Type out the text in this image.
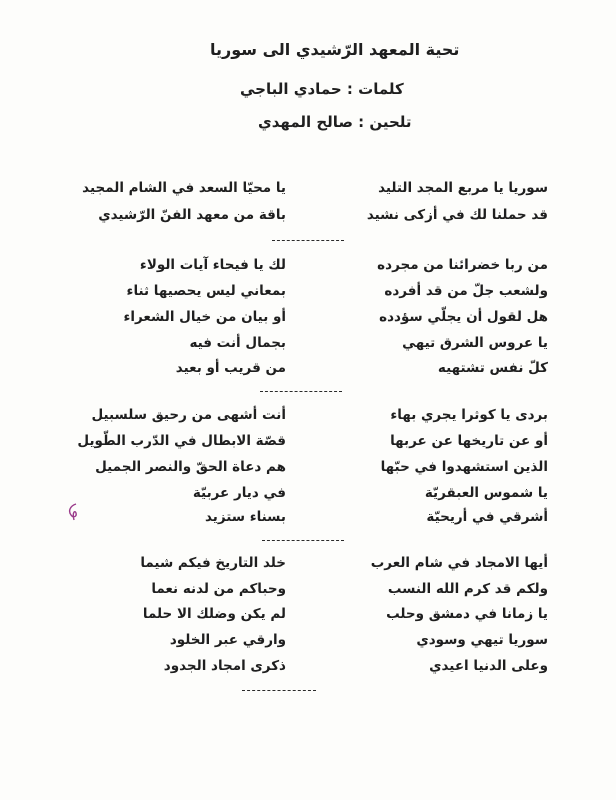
تحية المعهد الرّشيدي الى سوريا
كلمات : حمادي الباجي
تلحين : صالح المهدي
سوريا يا مربع المجد التليد
يا محيّا السعد في الشام المجيد
قد حملنا لك في أزكى نشيد
باقة من معهد الفنّ الرّشيدي
من ربا خضرائنا من مجرده
لك يا فيحاء آيات الولاء
ولشعب جلّ من قد أفرده
بمعاني ليس يحصيها ثناء
هل لقول أن يجلّي سؤدده
أو بيان من خيال الشعراء
يا عروس الشرق تيهي
بجمال أنت فيه
كلّ نفس تشتهيه
من قريب أو بعيد
بردى يا كوثرا يجري بهاء
أنت أشهى من رحيق سلسبيل
أو عن تاريخها عن عربها
قصّة الابطال في الدّرب الطّويل
الذين استشهدوا في حبّها
هم دعاة الحقّ والنصر الجميل
يا شموس العبقريّة
في ديار عربيّة
أشرقي في أريحيّة
بسناء ستزيد
أيها الامجاد في شام العرب
خلد التاريخ فيكم شيما
ولكم قد كرم الله النسب
وحباكم من لدنه نعما
يا زمانا في دمشق وحلب
لم يكن وضلك الا حلما
سوريا تيهي وسودي
وارقي عبر الخلود
وعلى الدنيا اعيدي
ذكرى امجاد الجدود
